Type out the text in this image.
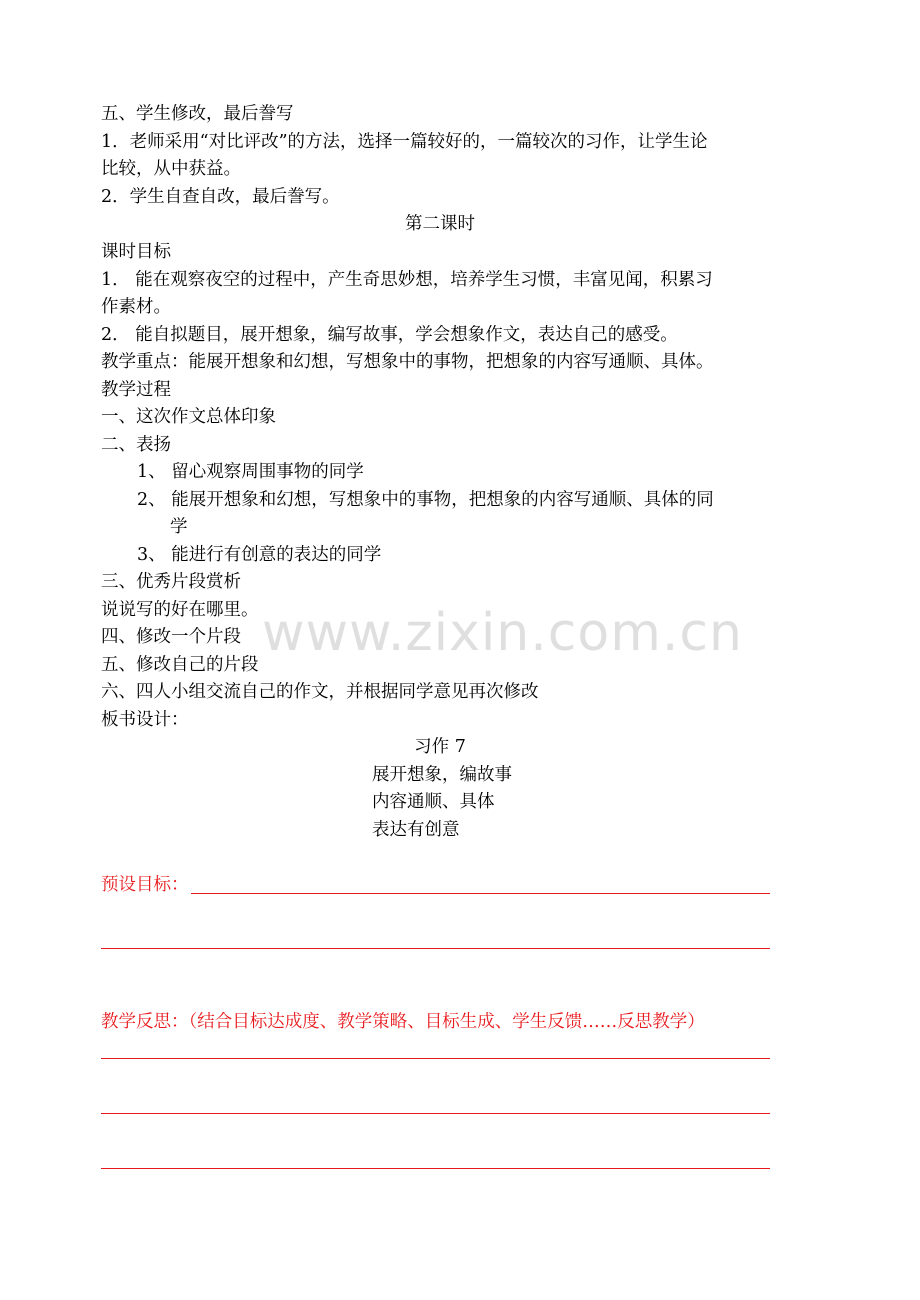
五、学生修改，最后誊写
1．老师采用“对比评改”的方法，选择一篇较好的，一篇较次的习作，让学生论
比较，从中获益。
2．学生自查自改，最后誊写。
第二课时
课时目标
1． 能在观察夜空的过程中，产生奇思妙想，培养学生习惯，丰富见闻，积累习
作素材。
2． 能自拟题目，展开想象，编写故事，学会想象作文，表达自己的感受。
教学重点：能展开想象和幻想，写想象中的事物，把想象的内容写通顺、具体。
教学过程
一、这次作文总体印象
二、表扬
1、 留心观察周围事物的同学
2、 能展开想象和幻想，写想象中的事物，把想象的内容写通顺、具体的同
学
3、 能进行有创意的表达的同学
三、优秀片段赏析
说说写的好在哪里。
四、修改一个片段
五、修改自己的片段
六、四人小组交流自己的作文，并根据同学意见再次修改
板书设计：
习作 7
展开想象，编故事
内容通顺、具体
表达有创意
预设目标：
教学反思：（结合目标达成度、教学策略、目标生成、学生反馈……反思教学）
www.zixin.com.cn
